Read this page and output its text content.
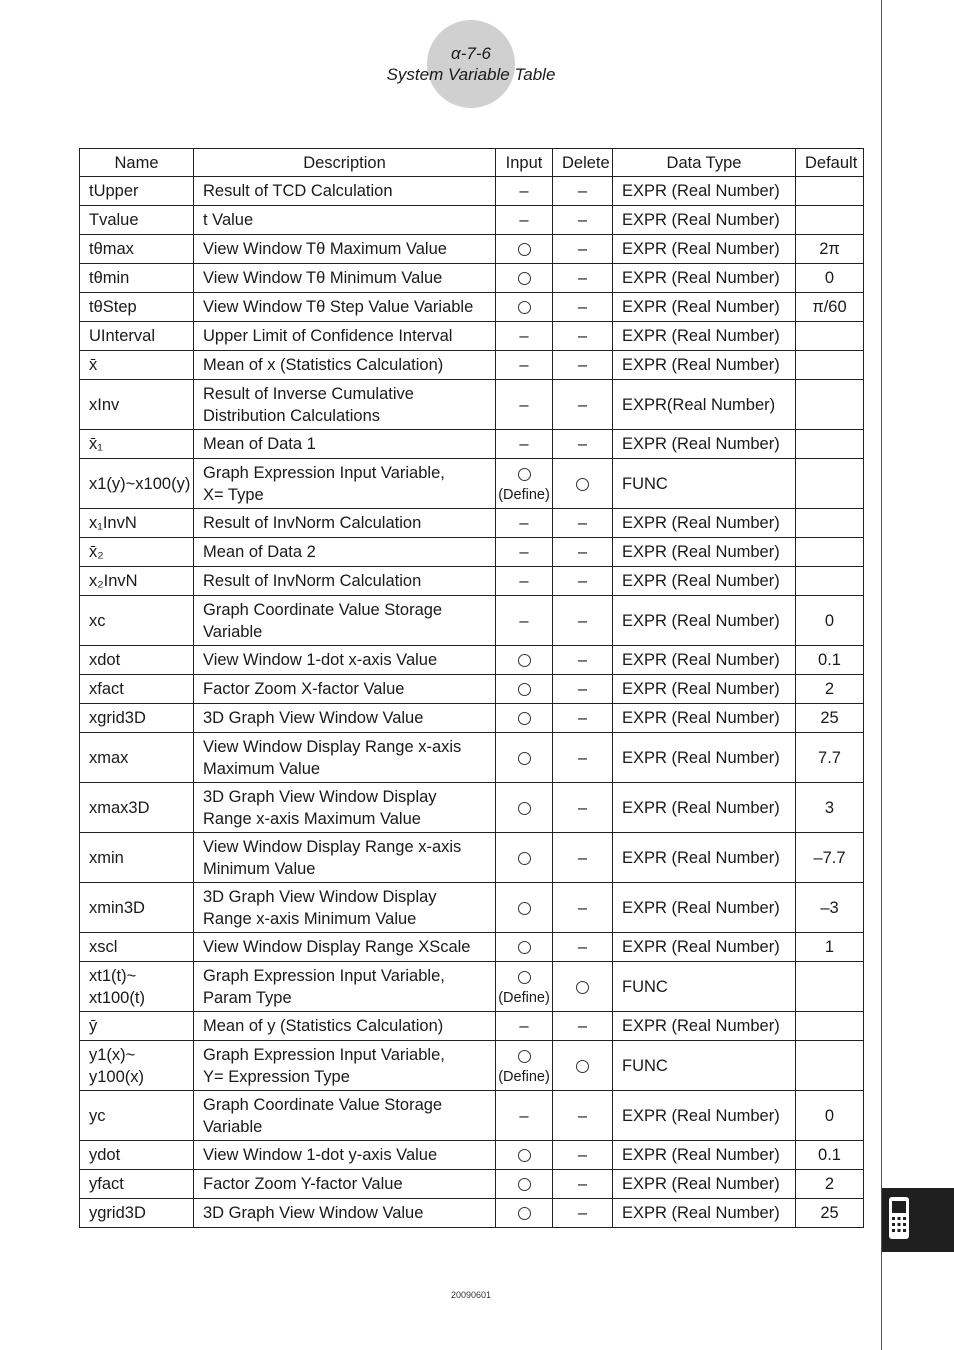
α-7-6
System Variable Table
Name	Description	Input	Delete	Data Type	Default
tUpper	Result of TCD Calculation	–	–	EXPR (Real Number)	
Tvalue	t Value	–	–	EXPR (Real Number)	
tθmax	View Window Tθ Maximum Value		–	EXPR (Real Number)	2π
tθmin	View Window Tθ Minimum Value		–	EXPR (Real Number)	0
tθStep	View Window Tθ Step Value Variable		–	EXPR (Real Number)	π/60
UInterval	Upper Limit of Confidence Interval	–	–	EXPR (Real Number)	
x̄	Mean of x (Statistics Calculation)	–	–	EXPR (Real Number)	
xInv	Result of Inverse Cumulative
Distribution Calculations	–	–	EXPR(Real Number)	
x̄₁	Mean of Data 1	–	–	EXPR (Real Number)	
x1(y)~x100(y)	Graph Expression Input Variable,
X= Type	(Define)		FUNC	
x₁InvN	Result of InvNorm Calculation	–	–	EXPR (Real Number)	
x̄₂	Mean of Data 2	–	–	EXPR (Real Number)	
x₂InvN	Result of InvNorm Calculation	–	–	EXPR (Real Number)	
xc	Graph Coordinate Value Storage
Variable	–	–	EXPR (Real Number)	0
xdot	View Window 1-dot x-axis Value		–	EXPR (Real Number)	0.1
xfact	Factor Zoom X-factor Value		–	EXPR (Real Number)	2
xgrid3D	3D Graph View Window Value		–	EXPR (Real Number)	25
xmax	View Window Display Range x-axis
Maximum Value		–	EXPR (Real Number)	7.7
xmax3D	3D Graph View Window Display
Range x-axis Maximum Value		–	EXPR (Real Number)	3
xmin	View Window Display Range x-axis
Minimum Value		–	EXPR (Real Number)	–7.7
xmin3D	3D Graph View Window Display
Range x-axis Minimum Value		–	EXPR (Real Number)	–3
xscl	View Window Display Range XScale		–	EXPR (Real Number)	1
xt1(t)~
xt100(t)	Graph Expression Input Variable,
Param Type	(Define)		FUNC	
ȳ	Mean of y (Statistics Calculation)	–	–	EXPR (Real Number)	
y1(x)~
y100(x)	Graph Expression Input Variable,
Y= Expression Type	(Define)		FUNC	
yc	Graph Coordinate Value Storage
Variable	–	–	EXPR (Real Number)	0
ydot	View Window 1-dot y-axis Value		–	EXPR (Real Number)	0.1
yfact	Factor Zoom Y-factor Value		–	EXPR (Real Number)	2
ygrid3D	3D Graph View Window Value		–	EXPR (Real Number)	25
20090601
